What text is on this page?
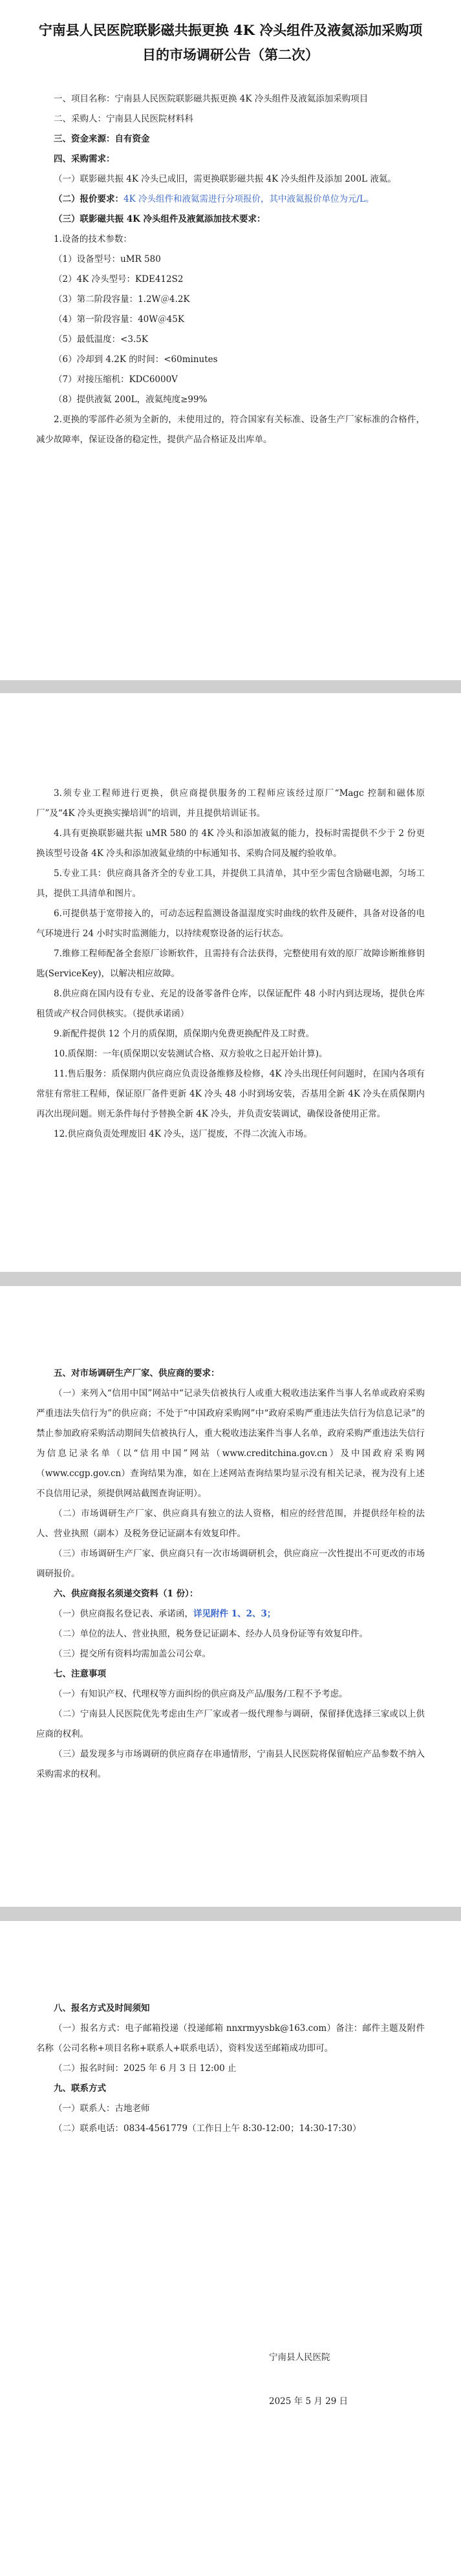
宁南县人民医院联影磁共振更换 4K 冷头组件及液氦添加采购项目的市场调研公告（第二次）

一、项目名称：宁南县人民医院联影磁共振更换 4K 冷头组件及液氦添加采购项目

二、采购人：宁南县人民医院材料科

三、资金来源：自有资金

四、采购需求：

（一）联影磁共振 4K 冷头已成旧，需更换联影磁共振 4K 冷头组件及添加 200L 液氦。

（二）报价要求：4K 冷头组件和液氦需进行分项报价，其中液氦报价单位为元/L。

（三）联影磁共振 4K 冷头组件及液氦添加技术要求：

1.设备的技术参数：

（1）设备型号：uMR 580
（2）4K 冷头型号：KDE412S2
（3）第二阶段容量：1.2W＠4.2K
（4）第一阶段容量：40W＠45K
（5）最低温度：<3.5K
（6）冷却到 4.2K 的时间：<60minutes
（7）对接压缩机：KDC6000V
（8）提供液氦 200L，液氦纯度≥99%

2.更换的零部件必须为全新的，未使用过的，符合国家有关标准、设备生产厂家标准的合格件，减少故障率，保证设备的稳定性，提供产品合格证及出库单。

3.须专业工程师进行更换，供应商提供服务的工程师应该经过原厂“Magc 控制和磁体原厂”及“4K 冷头更换实操培训”的培训，并且提供培训证书。

4.具有更换联影磁共振 uMR 580 的 4K 冷头和添加液氦的能力，投标时需提供不少于 2 份更换该型号设备 4K 冷头和添加液氦业绩的中标通知书、采购合同及履约验收单。

5.专业工具：供应商具备齐全的专业工具，并提供工具清单，其中至少需包含励磁电源，匀场工具，提供工具清单和图片。

6.可提供基于宽带接入的，可动态远程监测设备温湿度实时曲线的软件及硬件，具备对设备的电气环境进行 24 小时实时监测能力，以持续观察设备的运行状态。

7.维修工程师配备全套原厂诊断软件，且需持有合法获得，完整使用有效的原厂故障诊断维修钥匙(ServiceKey)，以解决相应故障。

8.供应商在国内设有专业、充足的设备零备件仓库，以保证配件 48 小时内到达现场，提供仓库租赁或产权合同供核实。（提供承诺函）

9.新配件提供 12 个月的质保期，质保期内免费更换配件及工时费。

10.质保期：一年(质保期以安装测试合格、双方验收之日起开始计算)。

11.售后服务：质保期内供应商应负责设备维修及检修，4K 冷头出现任何问题时，在国内各项有常驻有常驻工程师，保证原厂备件更新 4K 冷头 48 小时到场安装，否基用全新 4K 冷头在质保期内再次出现问题。则无条件每付予替换全新 4K 冷头，并负责安装调试，确保设备使用正常。

12.供应商负责处理废旧 4K 冷头，送厂提废，不得二次流入市场。

五、对市场调研生产厂家、供应商的要求：

（一）来列入“信用中国”网站中“记录失信被执行人或重大税收违法案件当事人名单或政府采购严重违法失信行为”的供应商；不处于“中国政府采购网”中“政府采购严重违法失信行为信息记录”的禁止参加政府采购活动期间失信被执行人，重大税收违法案件当事人名单，政府采购严重违法失信行为信息记录名单（以“信用中国”网站（www.creditchina.gov.cn）及中国政府采购网（www.ccgp.gov.cn）查询结果为准，如在上述网站查询结果均显示没有相关记录，视为没有上述不良信用记录，须提供网站截图查询证明）。

（二）市场调研生产厂家、供应商具有独立的法人资格，相应的经营范围，并提供经年检的法人、营业执照（副本）及税务登记证副本有效复印件。

（三）市场调研生产厂家、供应商只有一次市场调研机会，供应商应一次性提出不可更改的市场调研报价。

六、供应商报名须递交资料（1 份）：

（一）供应商报名登记表、承诺函，详见附件 1、2、3；

（二）单位的法人、营业执照，税务登记证副本、经办人员身份证等有效复印件。

（三）提交所有资料均需加盖公司公章。

七、注意事项

（一）有知识产权、代理权等方面纠纷的供应商及产品/服务/工程不予考虑。

（二）宁南县人民医院优先考虑由生产厂家或者一级代理参与调研，保留择优选择三家或以上供应商的权利。

（三）最发现多与市场调研的供应商存在串通情形，宁南县人民医院将保留帕应产品参数不纳入采购需求的权利。

八、报名方式及时间须知

（一）报名方式：电子邮箱投递（投递邮箱 nnxrmyysbk@163.com）备注：邮件主题及附件名称（公司名称+项目名称+联系人+联系电话），资料发送至邮箱成功即可。

（二）报名时间：2025 年 6 月 3 日 12:00 止

九、联系方式

（一）联系人：古地老师

（二）联系电话：0834-4561779（工作日上午 8:30-12:00；14:30-17:30）

宁南县人民医院
2025 年 5 月 29 日
